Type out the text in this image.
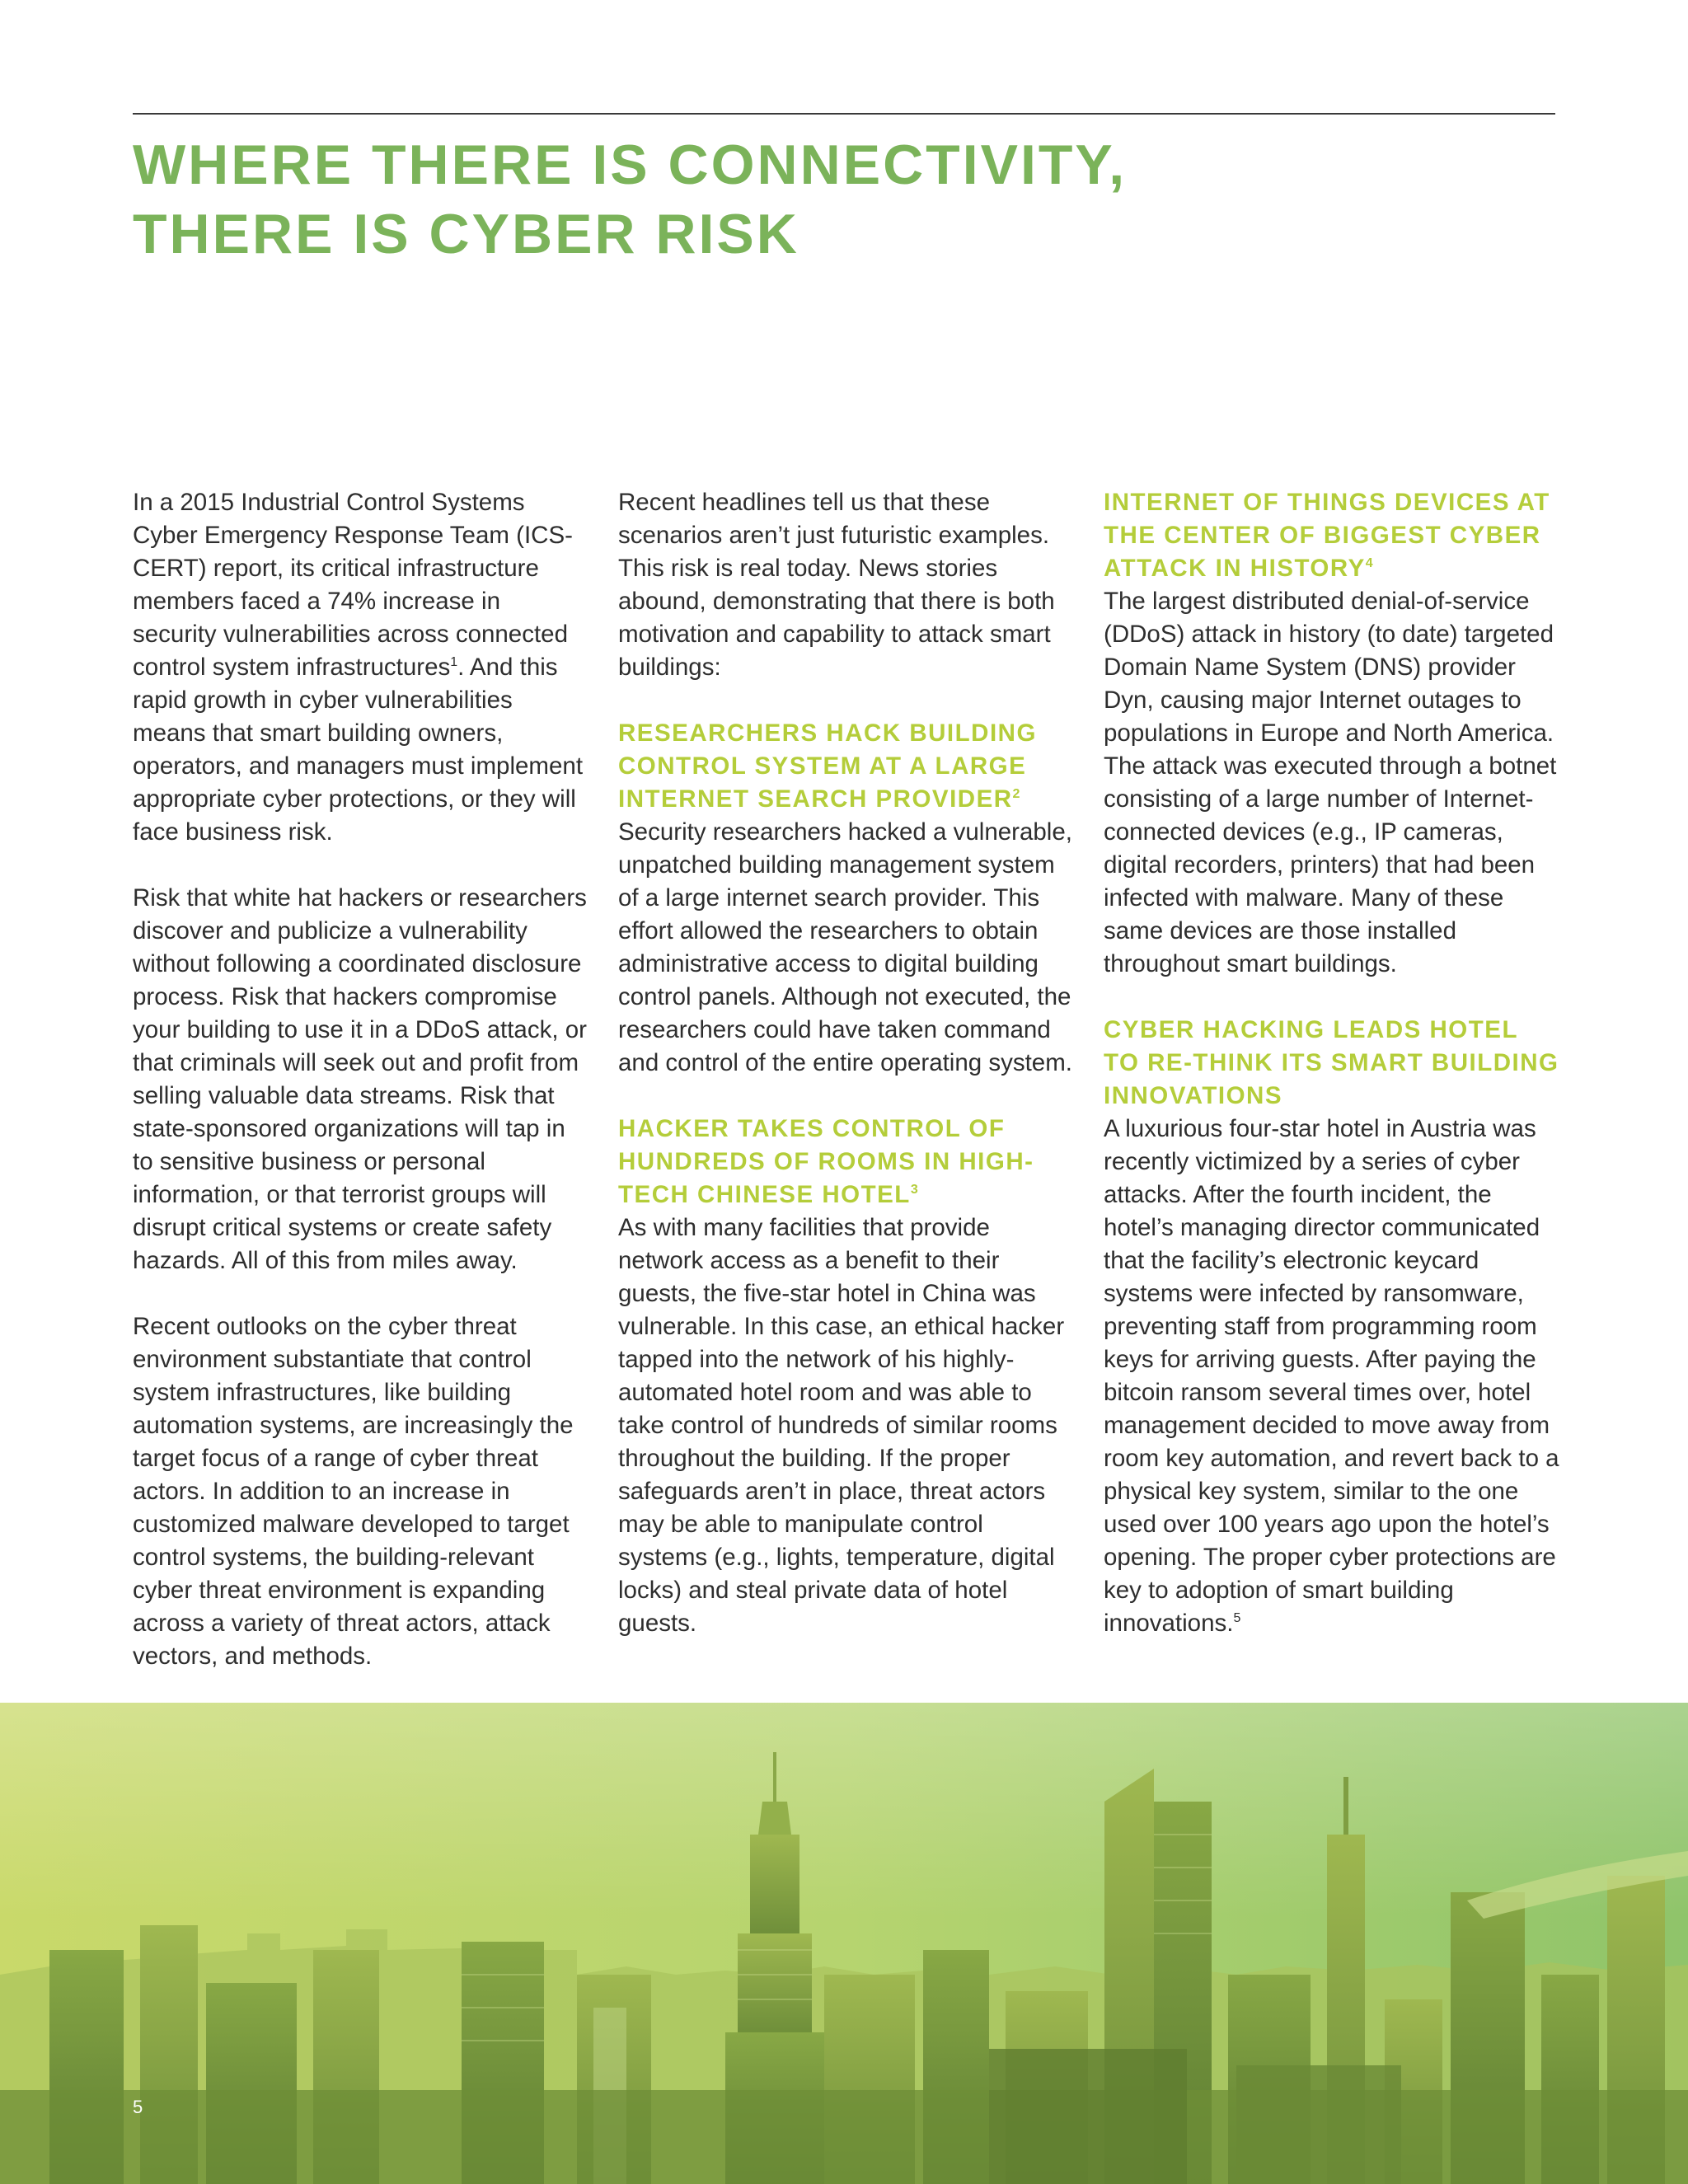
WHERE THERE IS CONNECTIVITY,
THERE IS CYBER RISK

In a 2015 Industrial Control Systems Cyber Emergency Response Team (ICS-CERT) report, its critical infrastructure members faced a 74% increase in security vulnerabilities across connected control system infrastructures$^1$. And this rapid growth in cyber vulnerabilities means that smart building owners, operators, and managers must implement appropriate cyber protections, or they will face business risk.

Risk that white hat hackers or researchers discover and publicize a vulnerability without following a coordinated disclosure process. Risk that hackers compromise your building to use it in a DDoS attack, or that criminals will seek out and profit from selling valuable data streams. Risk that state-sponsored organizations will tap in to sensitive business or personal information, or that terrorist groups will disrupt critical systems or create safety hazards. All of this from miles away.

Recent outlooks on the cyber threat environment substantiate that control system infrastructures, like building automation systems, are increasingly the target focus of a range of cyber threat actors. In addition to an increase in customized malware developed to target control systems, the building-relevant cyber threat environment is expanding across a variety of threat actors, attack vectors, and methods.

Recent headlines tell us that these scenarios aren’t just futuristic examples. This risk is real today. News stories abound, demonstrating that there is both motivation and capability to attack smart buildings:

RESEARCHERS HACK BUILDING CONTROL SYSTEM AT A LARGE INTERNET SEARCH PROVIDER$^2$

Security researchers hacked a vulnerable, unpatched building management system of a large internet search provider. This effort allowed the researchers to obtain administrative access to digital building control panels. Although not executed, the researchers could have taken command and control of the entire operating system.

HACKER TAKES CONTROL OF HUNDREDS OF ROOMS IN HIGH-TECH CHINESE HOTEL$^3$

As with many facilities that provide network access as a benefit to their guests, the five-star hotel in China was vulnerable. In this case, an ethical hacker tapped into the network of his highly-automated hotel room and was able to take control of hundreds of similar rooms throughout the building. If the proper safeguards aren’t in place, threat actors may be able to manipulate control systems (e.g., lights, temperature, digital locks) and steal private data of hotel guests.

INTERNET OF THINGS DEVICES AT THE CENTER OF BIGGEST CYBER ATTACK IN HISTORY$^4$

The largest distributed denial-of-service (DDoS) attack in history (to date) targeted Domain Name System (DNS) provider Dyn, causing major Internet outages to populations in Europe and North America. The attack was executed through a botnet consisting of a large number of Internet-connected devices (e.g., IP cameras, digital recorders, printers) that had been infected with malware. Many of these same devices are those installed throughout smart buildings.

CYBER HACKING LEADS HOTEL TO RE-THINK ITS SMART BUILDING INNOVATIONS

A luxurious four-star hotel in Austria was recently victimized by a series of cyber attacks. After the fourth incident, the hotel’s managing director communicated that the facility’s electronic keycard systems were infected by ransomware, preventing staff from programming room keys for arriving guests. After paying the bitcoin ransom several times over, hotel management decided to move away from room key automation, and revert back to a physical key system, similar to the one used over 100 years ago upon the hotel’s opening. The proper cyber protections are key to adoption of smart building innovations.$^5$

5
